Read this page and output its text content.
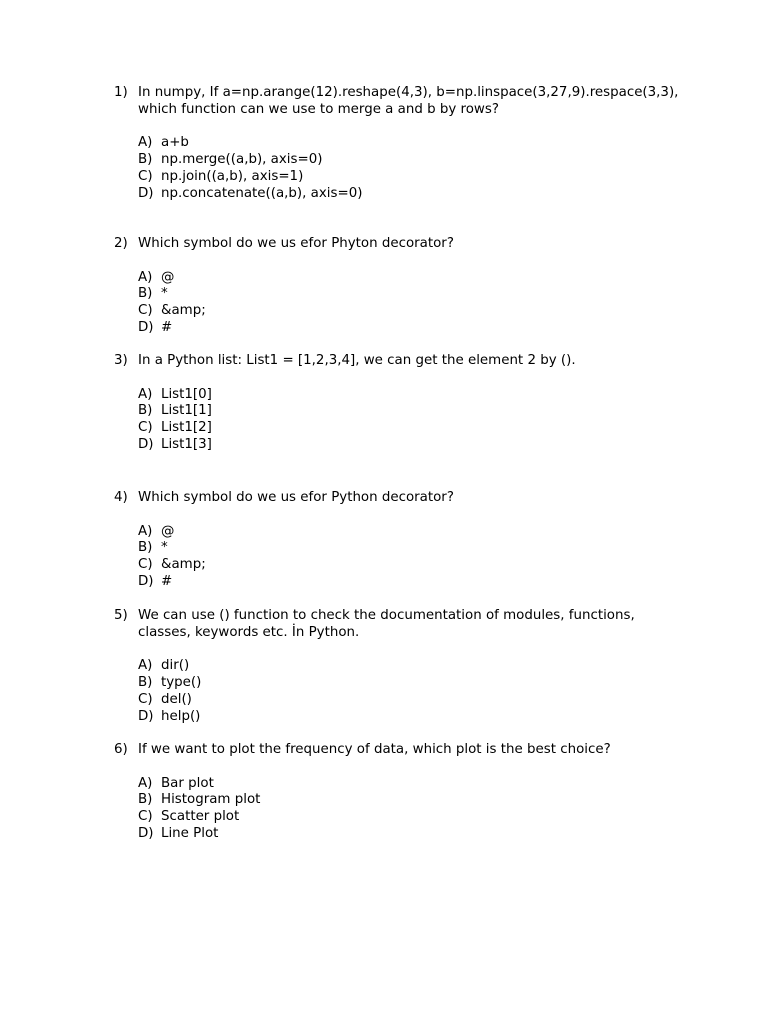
1) In numpy, If a=np.arange(12).reshape(4,3), b=np.linspace(3,27,9).respace(3,3), which function can we use to merge a and b by rows?
A) a+b
B) np.merge((a,b), axis=0)
C) np.join((a,b), axis=1)
D) np.concatenate((a,b), axis=0)
2) Which symbol do we us efor Phyton decorator?
A) @
B) *
C) &amp;
D) #
3) In a Python list: List1 = [1,2,3,4], we can get the element 2 by ().
A) List1[0]
B) List1[1]
C) List1[2]
D) List1[3]
4) Which symbol do we us efor Python decorator?
A) @
B) *
C) &amp;
D) #
5) We can use () function to check the documentation of modules, functions, classes, keywords etc. İn Python.
A) dir()
B) type()
C) del()
D) help()
6) If we want to plot the frequency of data, which plot is the best choice?
A) Bar plot
B) Histogram plot
C) Scatter plot
D) Line Plot
